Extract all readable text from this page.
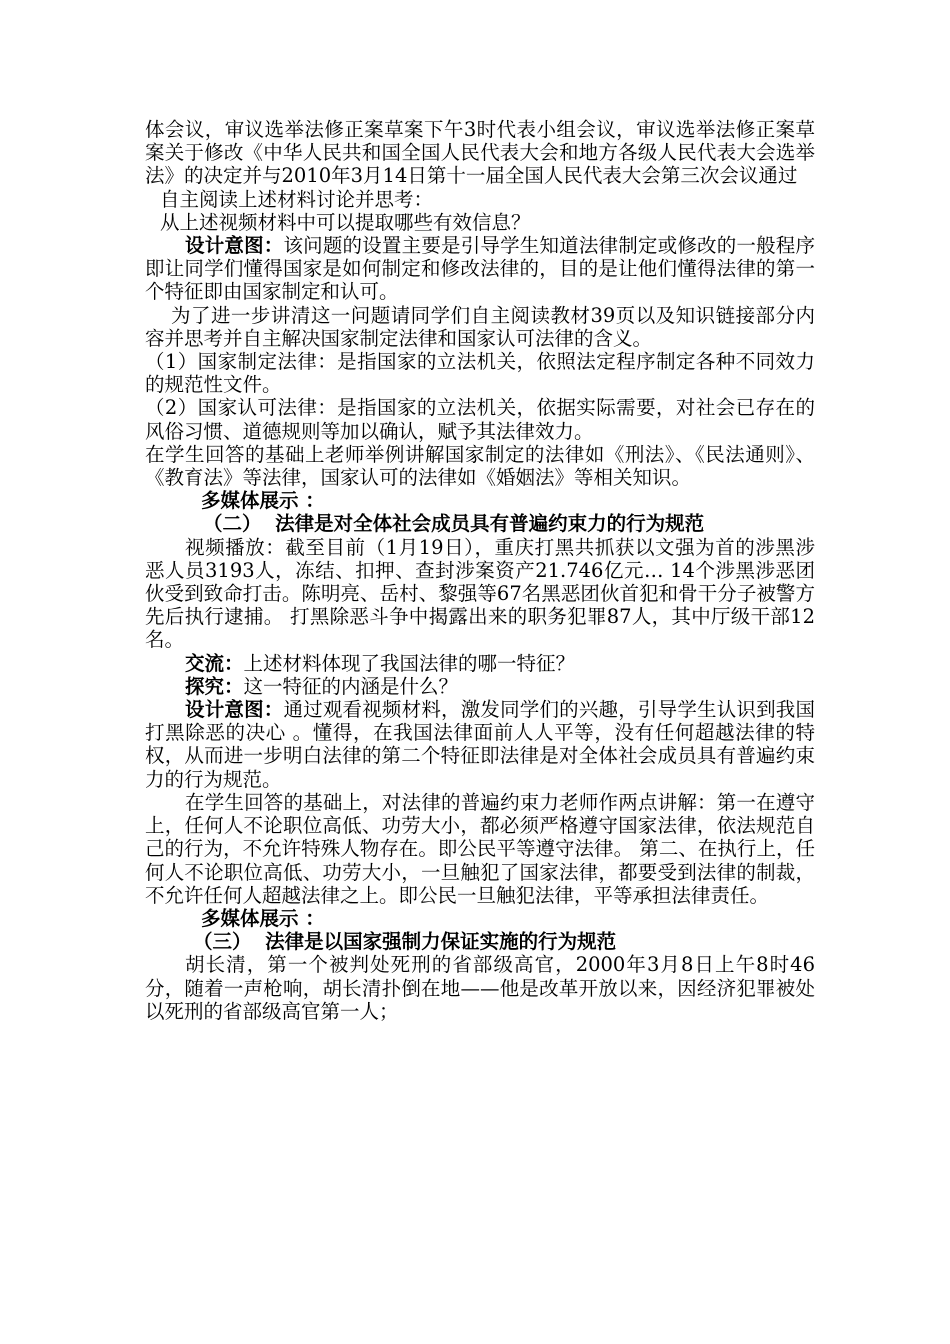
体会议，审议选举法修正案草案下午3时代表小组会议，审议选举法修正案草案关于修改《中华人民共和国全国人民代表大会和地方各级人民代表大会选举法》的决定并与2010年3月14日第十一届全国人民代表大会第三次会议通过

自主阅读上述材料讨论并思考：

从上述视频材料中可以提取哪些有效信息？

设计意图：该问题的设置主要是引导学生知道法律制定或修改的一般程序即让同学们懂得国家是如何制定和修改法律的，目的是让他们懂得法律的第一个特征即由国家制定和认可。

为了进一步讲清这一问题请同学们自主阅读教材39页以及知识链接部分内容并思考并自主解决国家制定法律和国家认可法律的含义。

（1）国家制定法律：是指国家的立法机关，依照法定程序制定各种不同效力的规范性文件。

（2）国家认可法律：是指国家的立法机关，依据实际需要，对社会已存在的风俗习惯、道德规则等加以确认，赋予其法律效力。

在学生回答的基础上老师举例讲解国家制定的法律如《刑法》、《民法通则》、《教育法》等法律，国家认可的法律如《婚姻法》等相关知识。

多媒体展示 ：

（二）  法律是对全体社会成员具有普遍约束力的行为规范

视频播放：截至目前（1月19日），重庆打黑共抓获以文强为首的涉黑涉恶人员3193人，冻结、扣押、查封涉案资产21.746亿元… 14个涉黑涉恶团伙受到致命打击。陈明亮、岳村、黎强等67名黑恶团伙首犯和骨干分子被警方先后执行逮捕。 打黑除恶斗争中揭露出来的职务犯罪87人，其中厅级干部12名。

交流：上述材料体现了我国法律的哪一特征？

探究：这一特征的内涵是什么？

设计意图：通过观看视频材料，激发同学们的兴趣，引导学生认识到我国打黑除恶的决心 。懂得，在我国法律面前人人平等，没有任何超越法律的特权，从而进一步明白法律的第二个特征即法律是对全体社会成员具有普遍约束力的行为规范。

在学生回答的基础上，对法律的普遍约束力老师作两点讲解：第一在遵守上，任何人不论职位高低、功劳大小，都必须严格遵守国家法律，依法规范自己的行为，不允许特殊人物存在。即公民平等遵守法律。 第二、在执行上，任何人不论职位高低、功劳大小，一旦触犯了国家法律，都要受到法律的制裁，不允许任何人超越法律之上。即公民一旦触犯法律，平等承担法律责任。

多媒体展示 ：

（三）  法律是以国家强制力保证实施的行为规范

胡长清，第一个被判处死刑的省部级高官，2000年3月8日上午8时46分，随着一声枪响，胡长清扑倒在地——他是改革开放以来，因经济犯罪被处以死刑的省部级高官第一人；
